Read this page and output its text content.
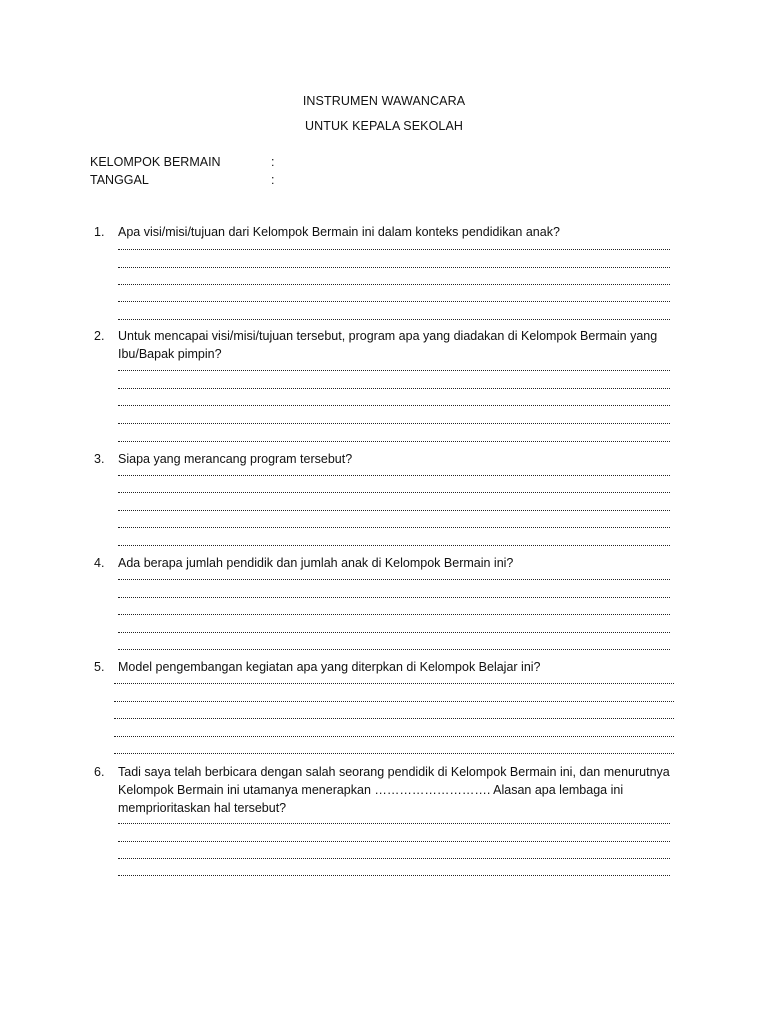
INSTRUMEN WAWANCARA
UNTUK KEPALA SEKOLAH
KELOMPOK BERMAIN	:
TANGGAL	:
1. Apa visi/misi/tujuan dari Kelompok Bermain ini dalam konteks pendidikan anak?
2. Untuk mencapai visi/misi/tujuan tersebut, program apa yang diadakan di Kelompok Bermain yang
Ibu/Bapak pimpin?
3. Siapa yang merancang program tersebut?
4. Ada berapa jumlah pendidik dan jumlah anak di Kelompok Bermain ini?
5. Model pengembangan kegiatan apa yang diterpkan di Kelompok Belajar ini?
6. Tadi saya telah berbicara dengan salah seorang pendidik di Kelompok Bermain ini, dan menurutnya
Kelompok Bermain ini utamanya menerapkan ………………………. Alasan apa lembaga ini
memprioritaskan hal tersebut?
